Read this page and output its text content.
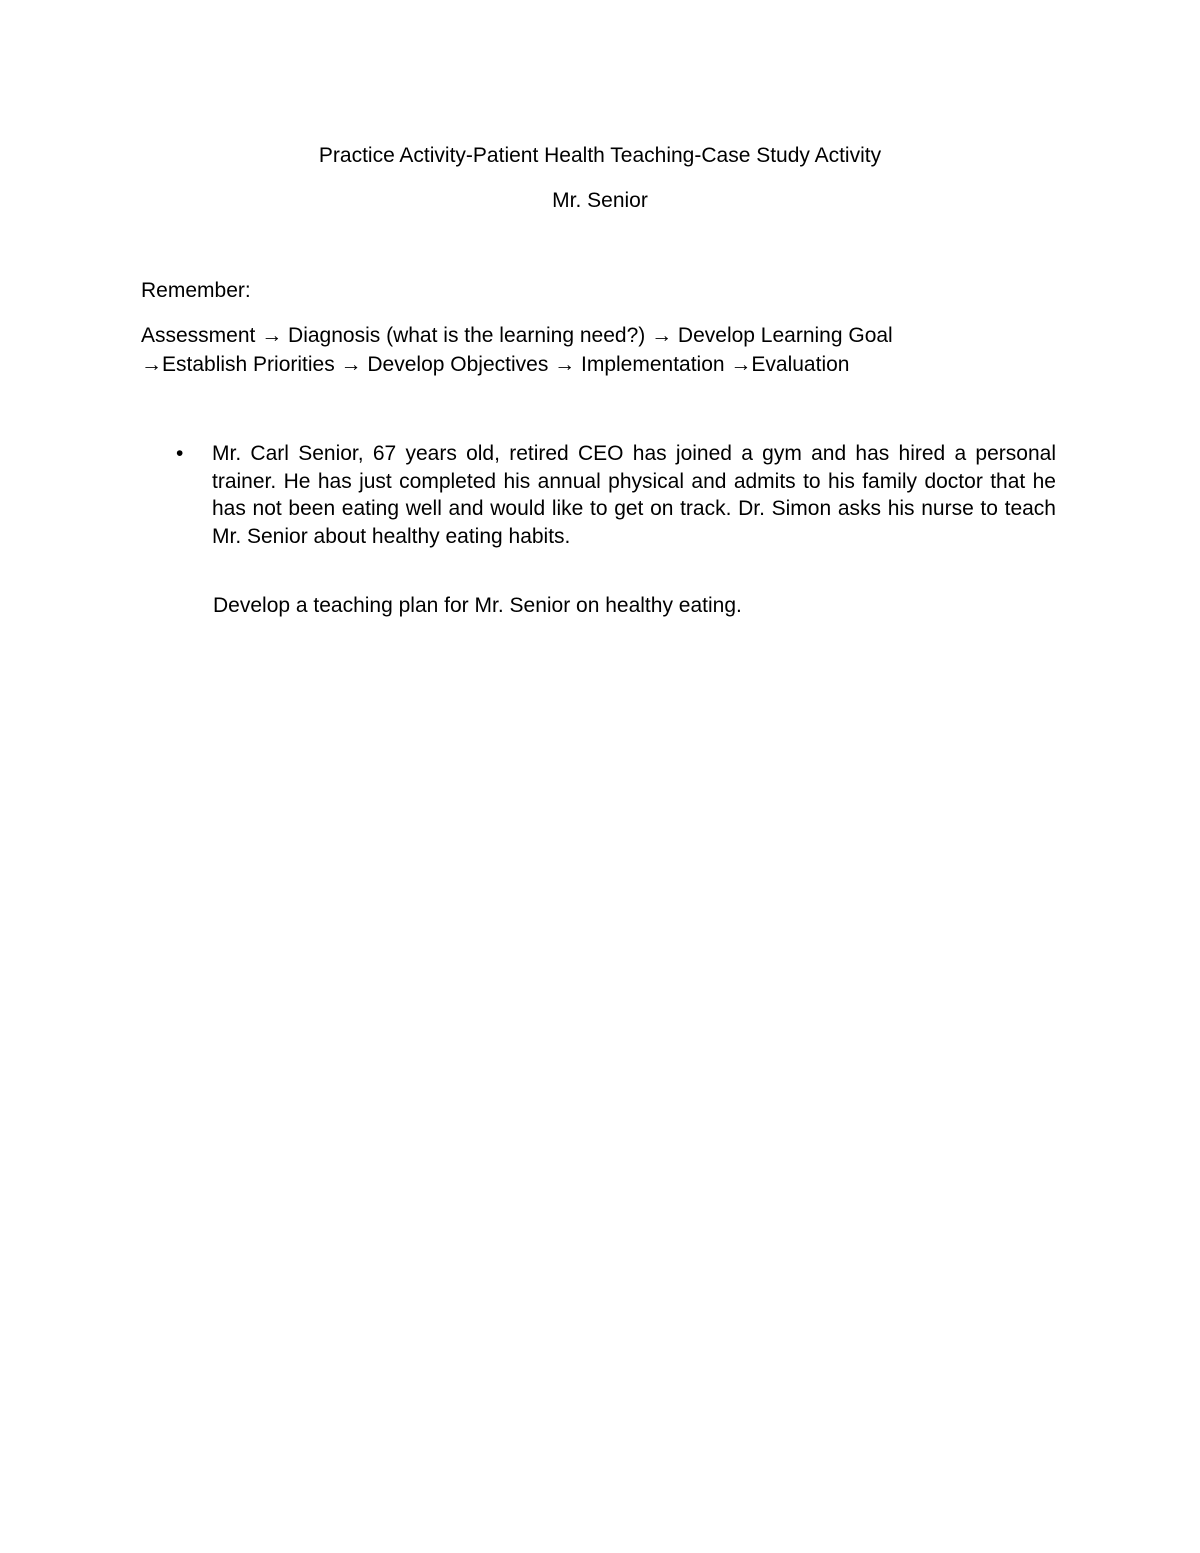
Practice Activity-Patient Health Teaching-Case Study Activity
Mr. Senior
Remember:
Assessment → Diagnosis (what is the learning need?) → Develop Learning Goal
→Establish Priorities → Develop Objectives → Implementation →Evaluation
• Mr. Carl Senior, 67 years old, retired CEO has joined a gym and has hired a personal trainer. He has just completed his annual physical and admits to his family doctor that he has not been eating well and would like to get on track. Dr. Simon asks his nurse to teach Mr. Senior about healthy eating habits.
Develop a teaching plan for Mr. Senior on healthy eating.
